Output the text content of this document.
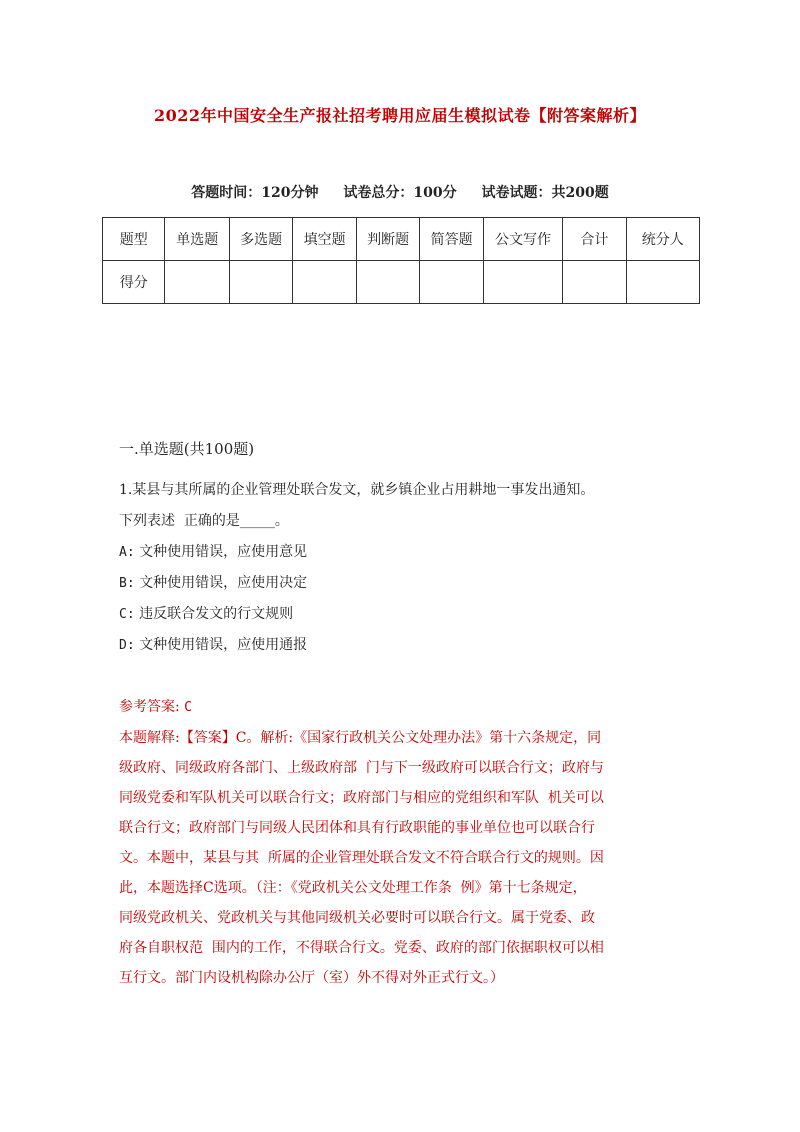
2022年中国安全生产报社招考聘用应届生模拟试卷【附答案解析】
答题时间：120分钟 试卷总分：100分 试卷试题：共200题
题型	单选题	多选题	填空题	判断题	简答题	公文写作	合计	统分人
得分								
一.单选题(共100题)

1.某县与其所属的企业管理处联合发文，就乡镇企业占用耕地一事发出通知。

下列表述  正确的是_____。

A: 文种使用错误，应使用意见

B: 文种使用错误，应使用决定

C: 违反联合发文的行文规则

D: 文种使用错误，应使用通报

参考答案: C

本题解释:【答案】C。解析:《国家行政机关公文处理办法》第十六条规定，同

级政府、同级政府各部门、上级政府部  门与下一级政府可以联合行文；政府与

同级党委和军队机关可以联合行文；政府部门与相应的党组织和军队  机关可以

联合行文；政府部门与同级人民团体和具有行政职能的事业单位也可以联合行

文。本题中，某县与其  所属的企业管理处联合发文不符合联合行文的规则。因

此，本题选择C选项。（注：《党政机关公文处理工作条  例》第十七条规定，

同级党政机关、党政机关与其他同级机关必要时可以联合行文。属于党委、政

府各自职权范  围内的工作，不得联合行文。党委、政府的部门依据职权可以相

互行文。部门内设机构除办公厅（室）外不得对外正式行文。）
